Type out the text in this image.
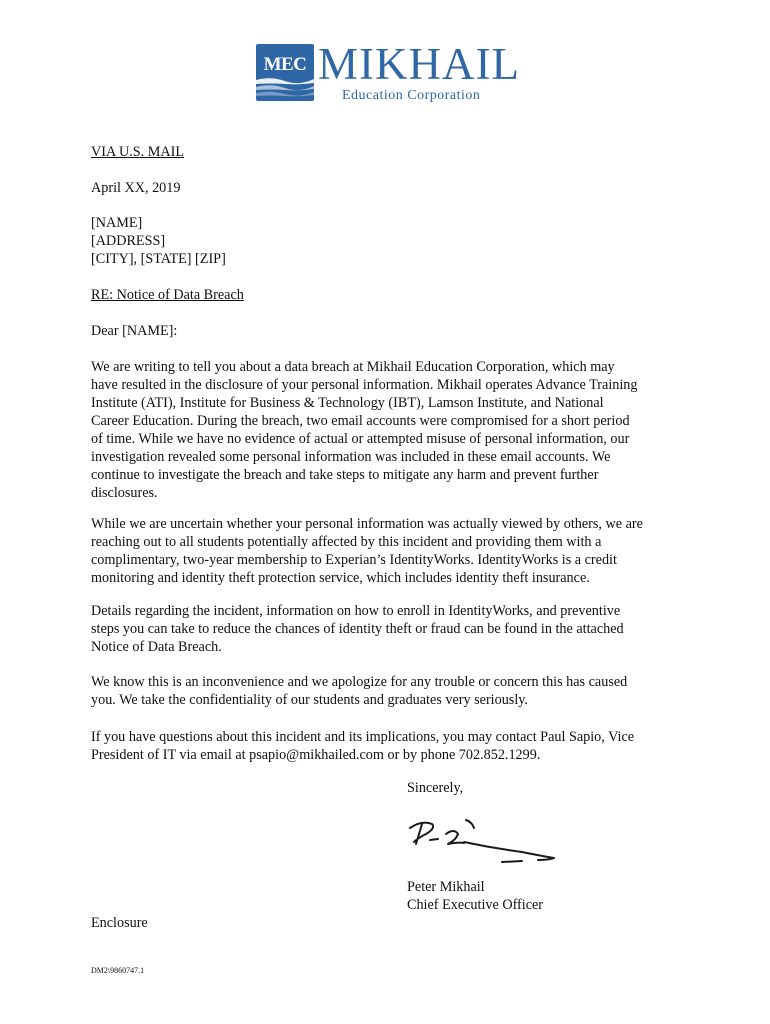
MEC MIKHAIL
Education Corporation
VIA U.S. MAIL
April XX, 2019
[NAME]
[ADDRESS]
[CITY], [STATE] [ZIP]
RE: Notice of Data Breach
Dear [NAME]:
We are writing to tell you about a data breach at Mikhail Education Corporation, which may
have resulted in the disclosure of your personal information. Mikhail operates Advance Training
Institute (ATI), Institute for Business & Technology (IBT), Lamson Institute, and National
Career Education. During the breach, two email accounts were compromised for a short period
of time. While we have no evidence of actual or attempted misuse of personal information, our
investigation revealed some personal information was included in these email accounts. We
continue to investigate the breach and take steps to mitigate any harm and prevent further
disclosures.
While we are uncertain whether your personal information was actually viewed by others, we are
reaching out to all students potentially affected by this incident and providing them with a
complimentary, two-year membership to Experian’s IdentityWorks. IdentityWorks is a credit
monitoring and identity theft protection service, which includes identity theft insurance.
Details regarding the incident, information on how to enroll in IdentityWorks, and preventive
steps you can take to reduce the chances of identity theft or fraud can be found in the attached
Notice of Data Breach.
We know this is an inconvenience and we apologize for any trouble or concern this has caused
you. We take the confidentiality of our students and graduates very seriously.
If you have questions about this incident and its implications, you may contact Paul Sapio, Vice
President of IT via email at psapio@mikhailed.com or by phone 702.852.1299.
Sincerely,
Peter Mikhail
Chief Executive Officer
Enclosure
DM2\9860747.1
